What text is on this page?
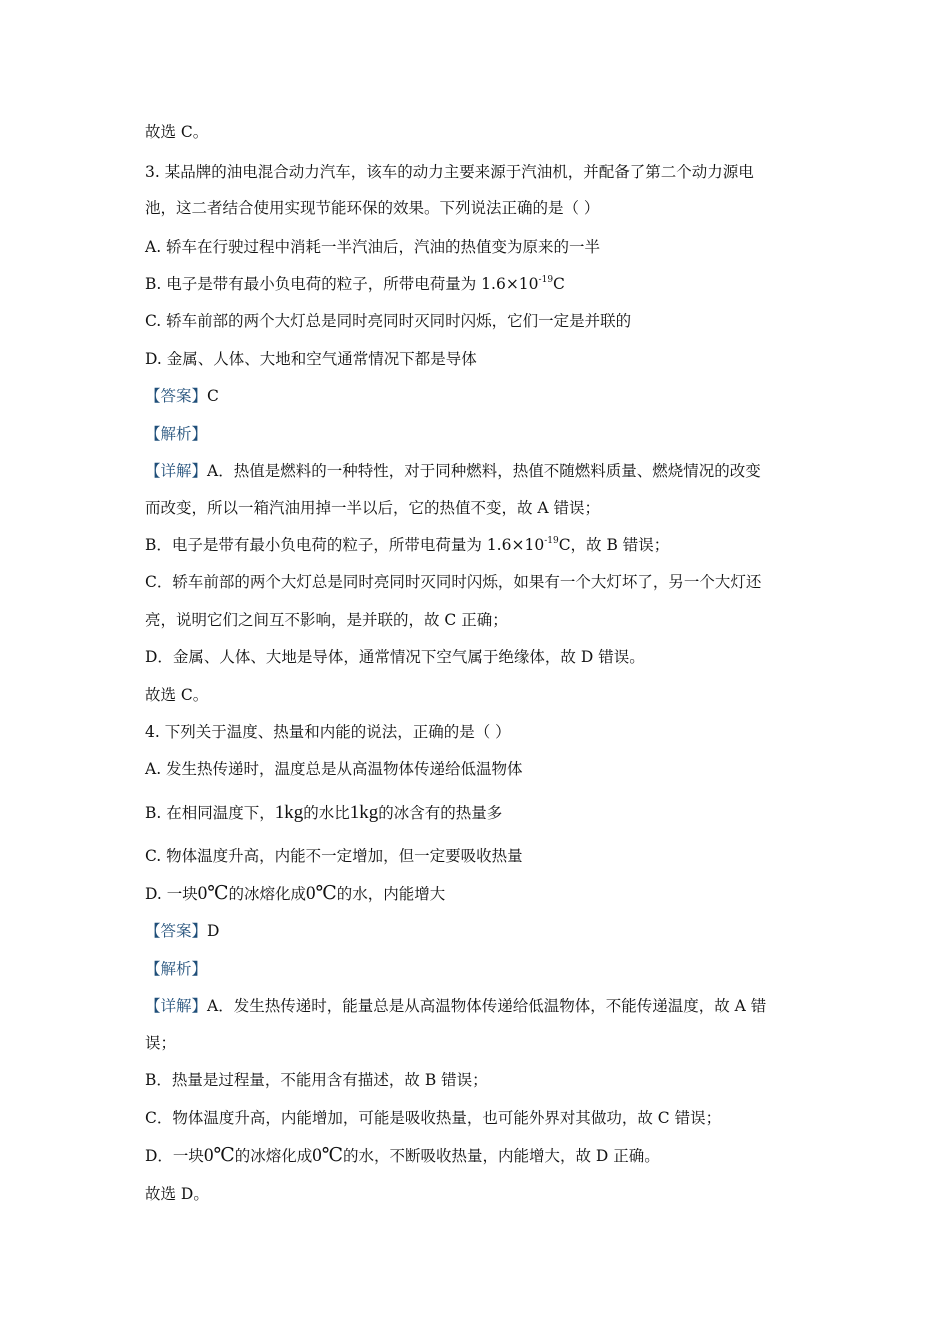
故选 C。
3. 某品牌的油电混合动力汽车，该车的动力主要来源于汽油机，并配备了第二个动力源电
池，这二者结合使用实现节能环保的效果。下列说法正确的是（ ）
A. 轿车在行驶过程中消耗一半汽油后，汽油的热值变为原来的一半
B. 电子是带有最小负电荷的粒子，所带电荷量为 $1.6\times 10^{-19}C$
C. 轿车前部的两个大灯总是同时亮同时灭同时闪烁，它们一定是并联的
D. 金属、人体、大地和空气通常情况下都是导体
【答案】C
【解析】
【详解】A．热值是燃料的一种特性，对于同种燃料，热值不随燃料质量、燃烧情况的改变
而改变，所以一箱汽油用掉一半以后，它的热值不变，故 A 错误；
B．电子是带有最小负电荷的粒子，所带电荷量为 $1.6\times 10^{-19}C$，故 B 错误；
C．轿车前部的两个大灯总是同时亮同时灭同时闪烁，如果有一个大灯坏了，另一个大灯还
亮，说明它们之间互不影响，是并联的，故 C 正确；
D．金属、人体、大地是导体，通常情况下空气属于绝缘体，故 D 错误。
故选 C。
4. 下列关于温度、热量和内能的说法，正确的是（ ）
A. 发生热传递时，温度总是从高温物体传递给低温物体
B. 在相同温度下，1kg的水比1kg的冰含有的热量多
C. 物体温度升高，内能不一定增加，但一定要吸收热量
D. 一块0℃的冰熔化成0℃的水，内能增大
【答案】D
【解析】
【详解】A．发生热传递时，能量总是从高温物体传递给低温物体，不能传递温度，故 A 错
误；
B．热量是过程量，不能用含有描述，故 B 错误；
C．物体温度升高，内能增加，可能是吸收热量，也可能外界对其做功，故 C 错误；
D．一块0℃的冰熔化成0℃的水，不断吸收热量，内能增大，故 D 正确。
故选 D。
